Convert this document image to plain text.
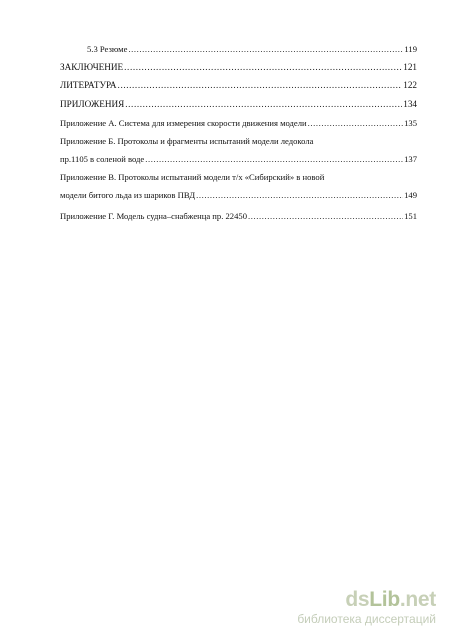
5.3 Резюме .....	119
ЗАКЛЮЧЕНИЕ .....	121
ЛИТЕРАТУРА .....	122
ПРИЛОЖЕНИЯ .....	134
Приложение А. Система для измерения скорости движения модели .....	135
Приложение Б. Протоколы и фрагменты испытаний модели ледокола
пр.1105 в соленой воде .....	137
Приложение В. Протоколы испытаний модели т/х «Сибирский» в новой
модели битого льда из шариков ПВД .....	149
Приложение Г. Модель судна–снабженца пр. 22450 .....	151
dsLib.net
библиотека диссертаций
